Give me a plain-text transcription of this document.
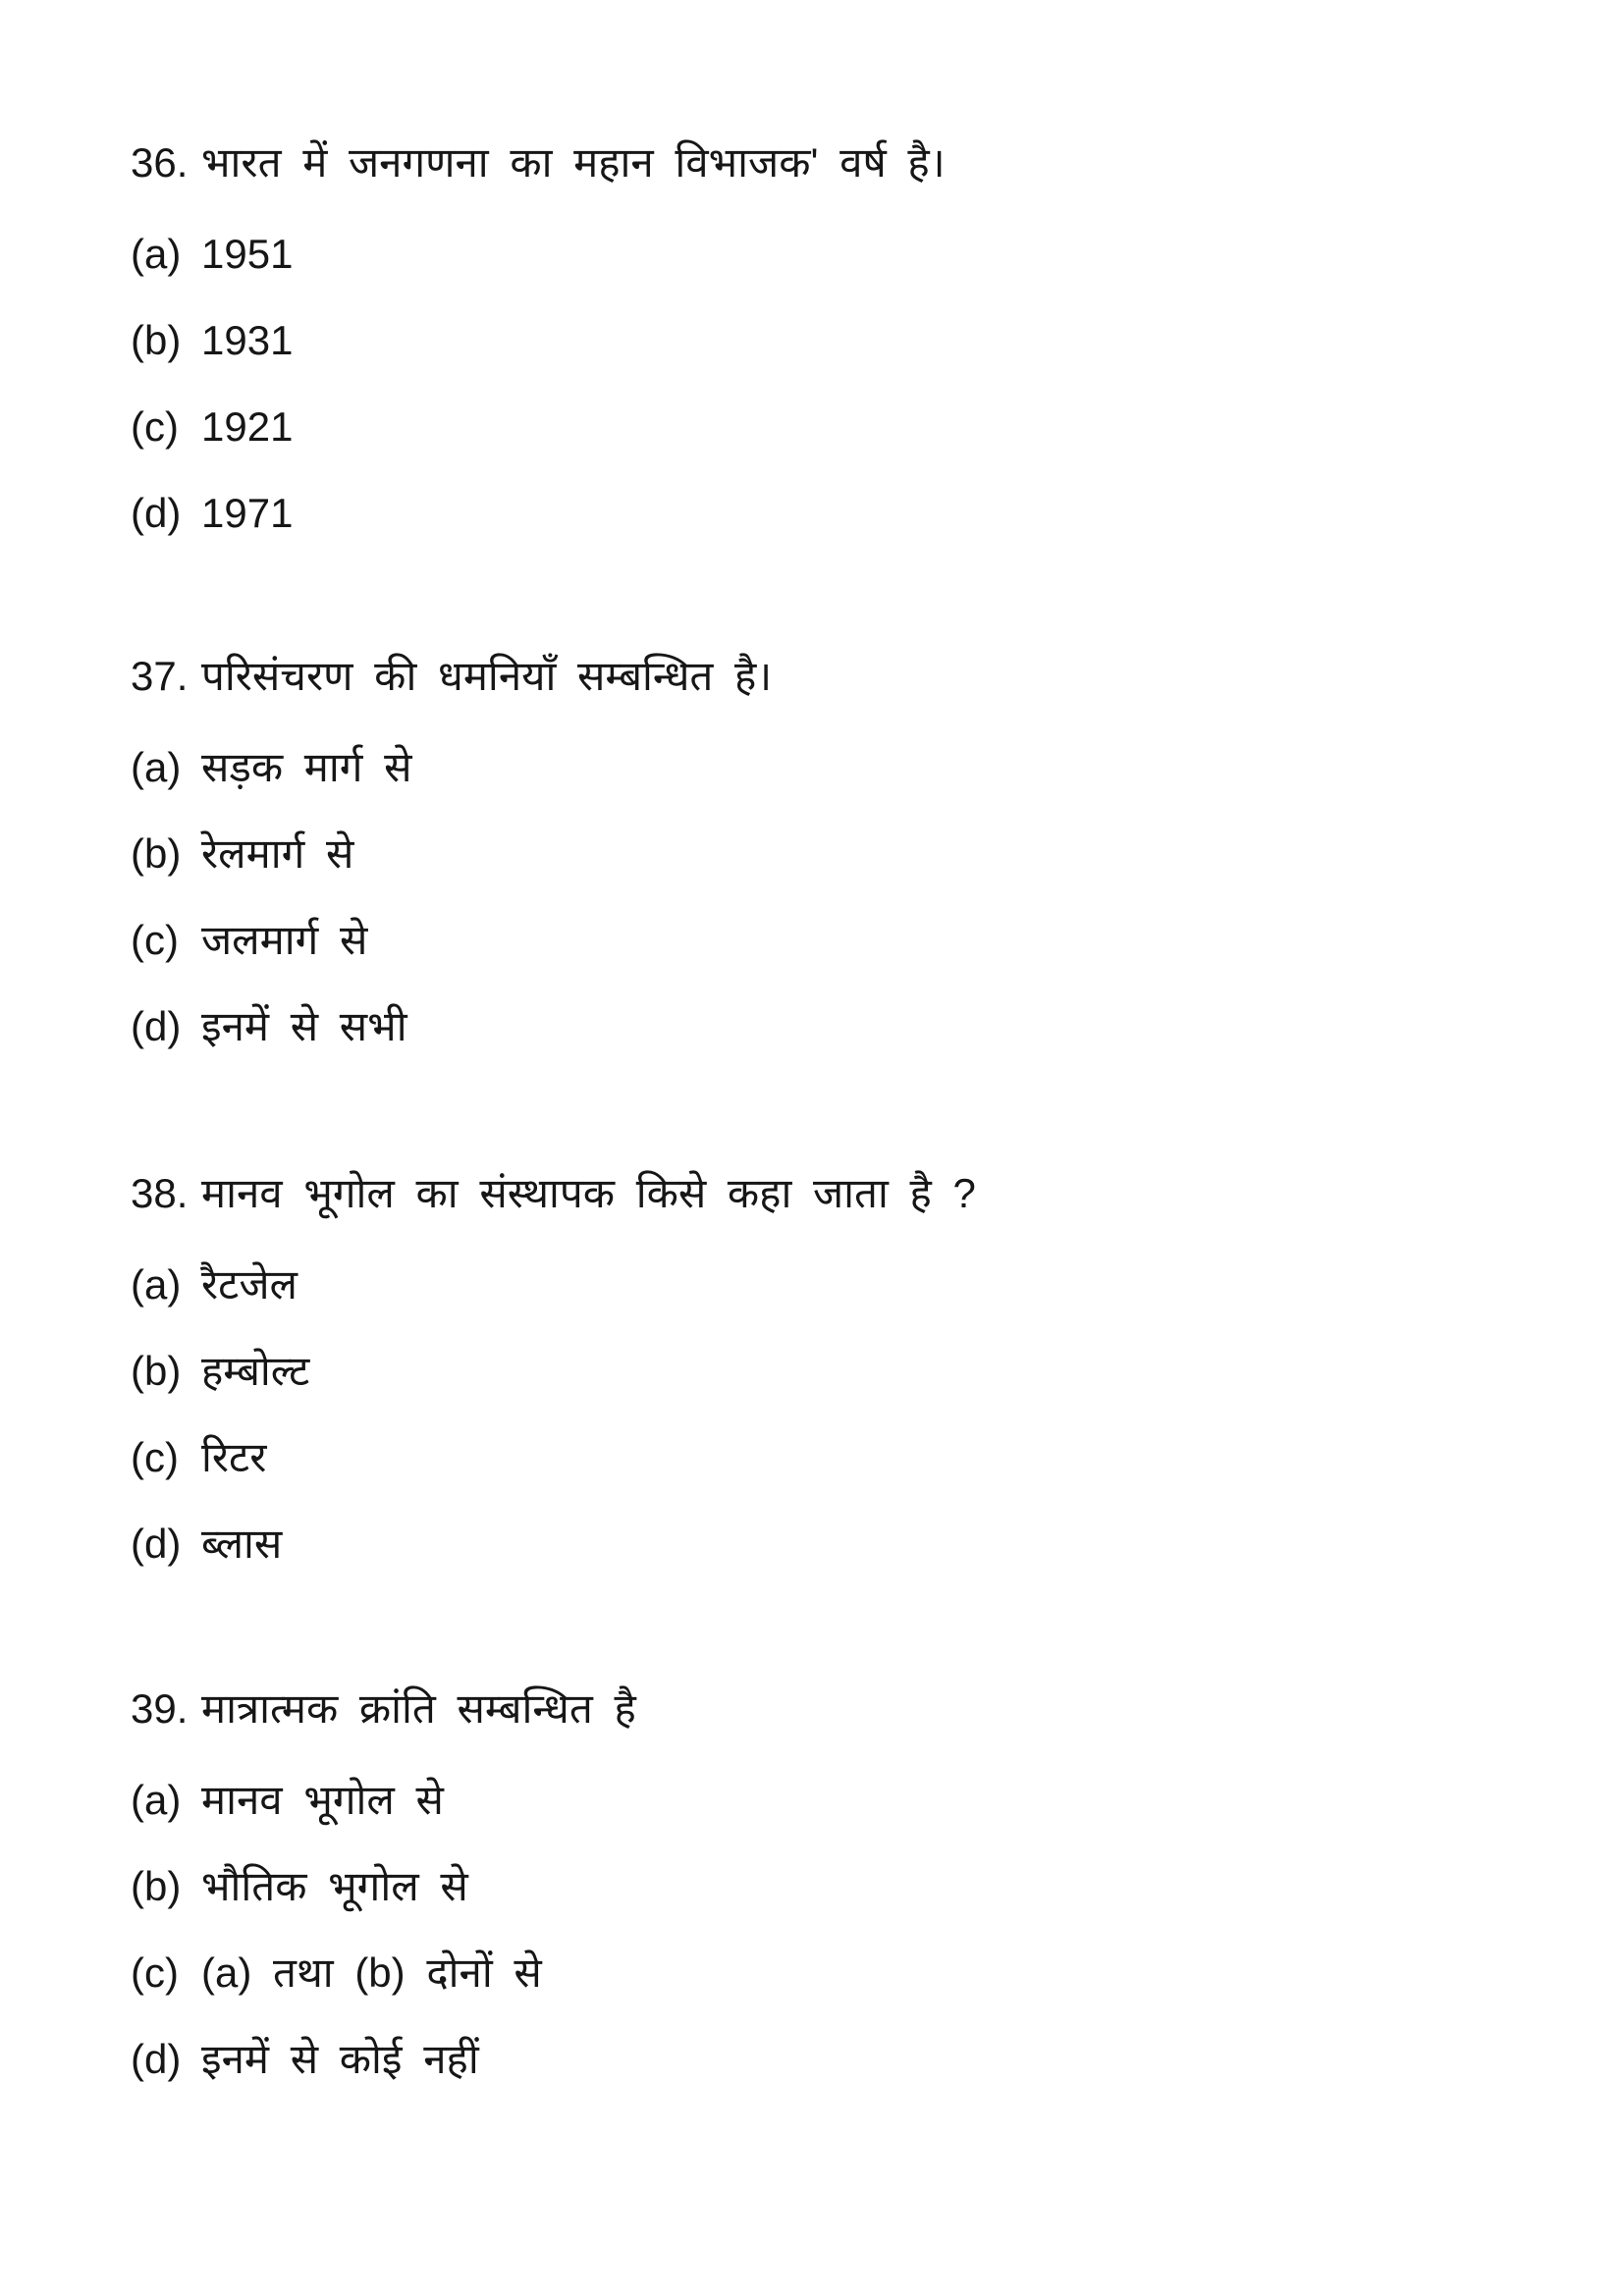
36. भारत में जनगणना का महान विभाजक' वर्ष है।
(a) 1951
(b) 1931
(c) 1921
(d) 1971
37. परिसंचरण की धमनियाँ सम्बन्धित है।
(a) सड़क मार्ग से
(b) रेलमार्ग से
(c) जलमार्ग से
(d) इनमें से सभी
38. मानव भूगोल का संस्थापक किसे कहा जाता है ?
(a) रैटजेल
(b) हम्बोल्ट
(c) रिटर
(d) ब्लास
39. मात्रात्मक क्रांति सम्बन्धित है
(a) मानव भूगोल से
(b) भौतिक भूगोल से
(c) (a) तथा (b) दोनों से
(d) इनमें से कोई नहीं
